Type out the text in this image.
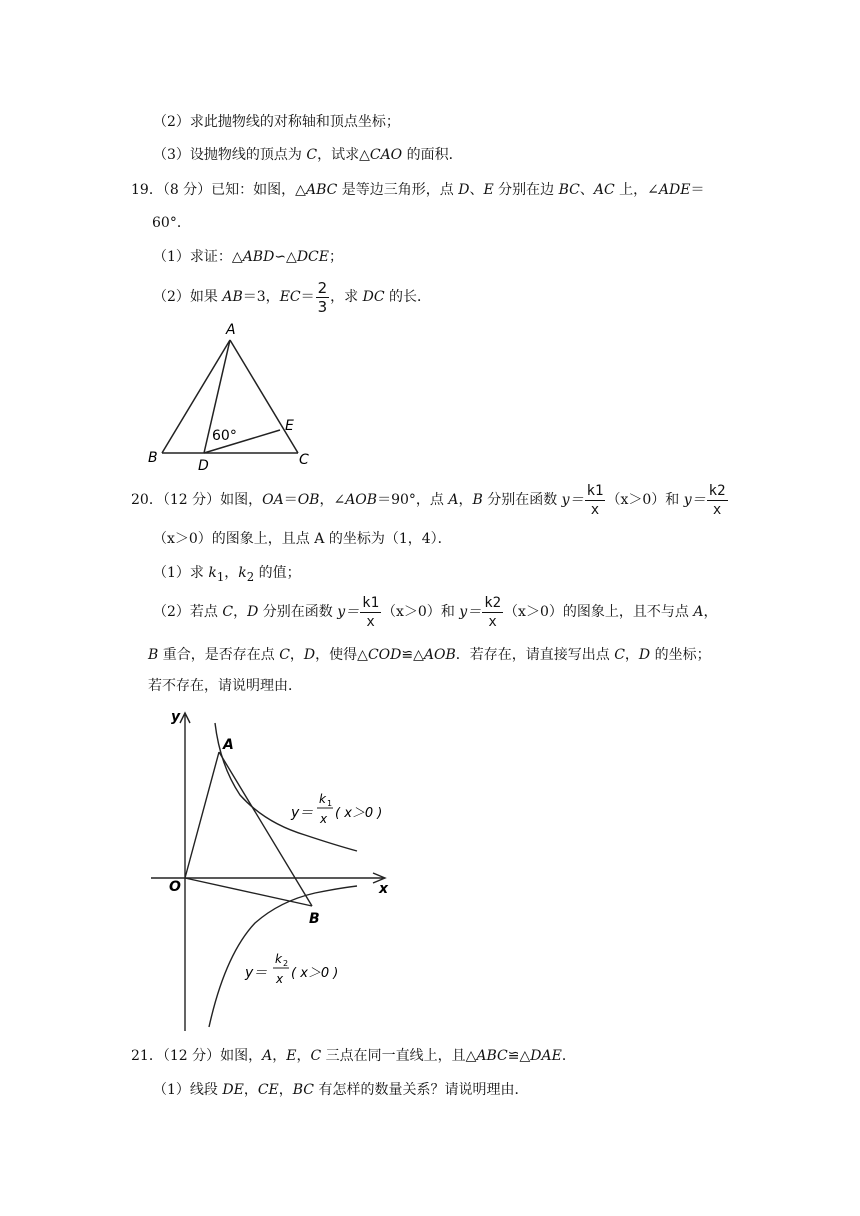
（2）求此抛物线的对称轴和顶点坐标；
（3）设抛物线的顶点为 C，试求△CAO 的面积．
19．（8 分）已知：如图，△ABC 是等边三角形，点 D、E 分别在边 BC、AC 上，∠ADE＝
60°．
（1）求证：△ABD∽△DCE；
（2）如果 AB＝3，$EC= \frac{2}{3}$ ，求 DC 的长．
A
B	C
D
E
60°
20．（12 分）如图，OA＝OB，∠AOB＝90°，点 A，B 分别在函数 $y= \frac{k1}{x} (x>0)$和 $y= \frac{k2}{x}$
（x＞0）的图象上，且点 A 的坐标为（1，4）．
（1）求 $k_1$，$k_2$ 的值；
（2）若点 C，D 分别在函数 $y= \frac{k1}{x} (x>0)$和 $y= \frac{k2}{x} (x>0)$的图象上，且不与点 A，
B 重合，是否存在点 C，D，使得△COD≌△AOB．若存在，请直接写出点 C，D 的坐标；
若不存在，请说明理由．
y
x
O
A
B
y＝
k 1
x ( x＞0 )
y＝
k 2
x ( x＞0 )
21．（12 分）如图，A，E，C 三点在同一直线上，且△ABC≌△DAE．
（1）线段 DE，CE，BC 有怎样的数量关系？请说明理由．
